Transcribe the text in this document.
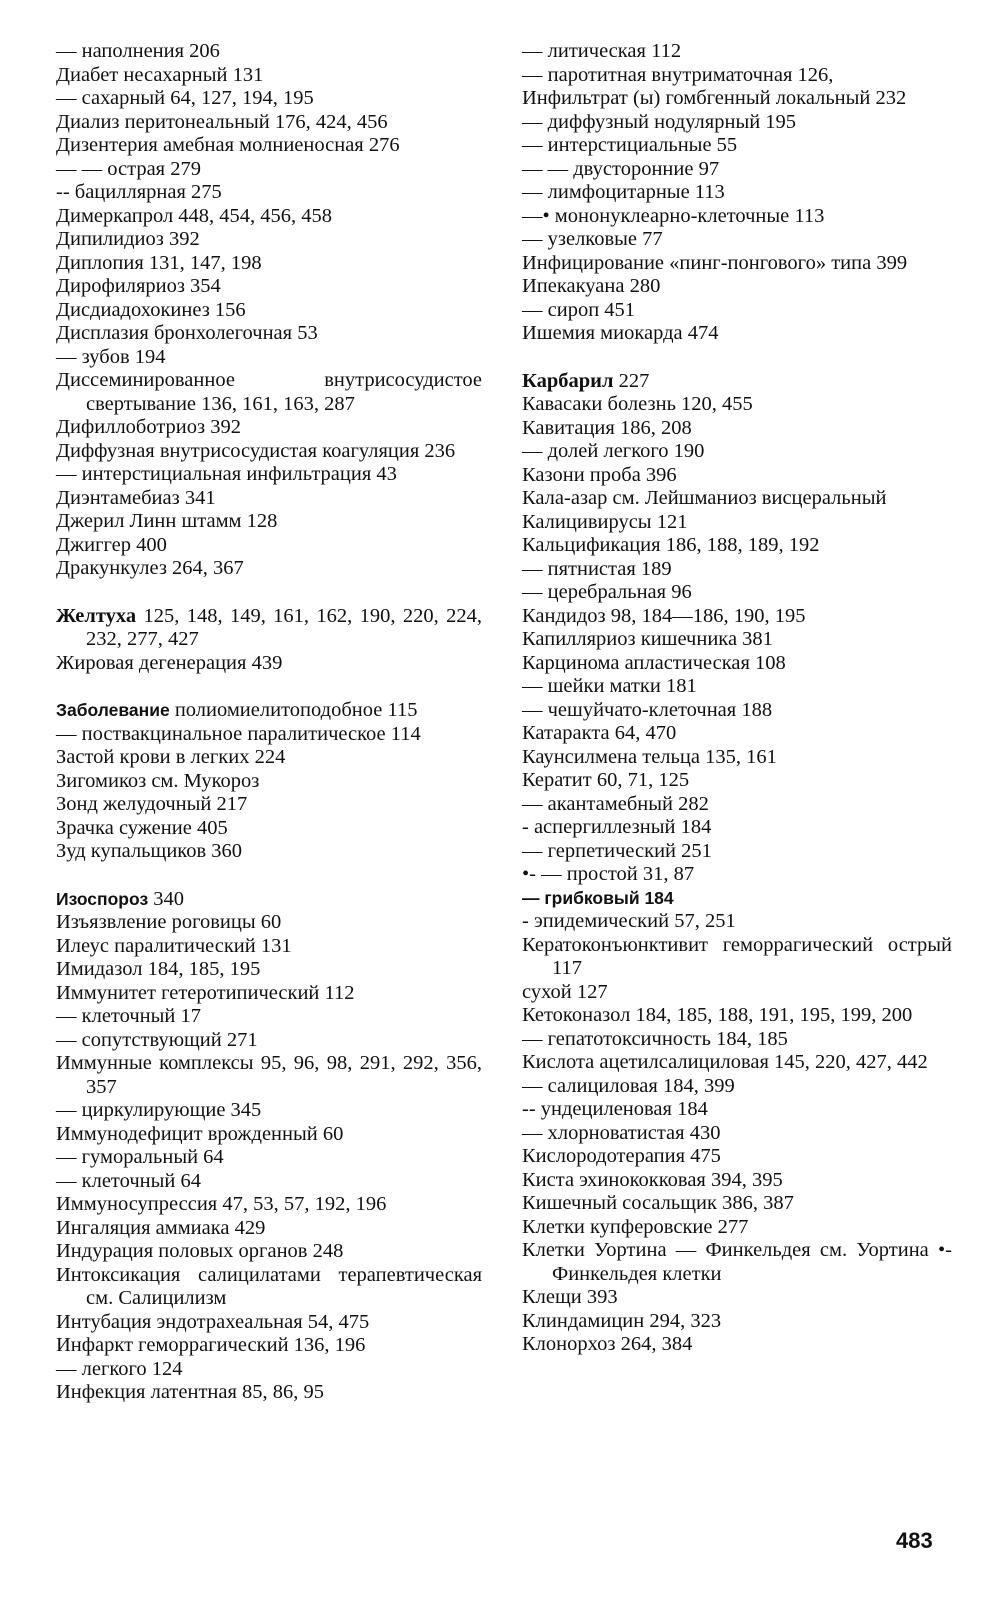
— наполнения 206
Диабет несахарный 131
— сахарный 64, 127, 194, 195
Диализ перитонеальный 176, 424, 456
Дизентерия амебная молниеносная 276
— — острая 279
-- бациллярная 275
Димеркапрол 448, 454, 456, 458
Дипилидиоз 392
Диплопия 131, 147, 198
Дирофиляриоз 354
Дисдиадохокинез 156
Дисплазия бронхолегочная 53
— зубов 194
Диссеминированное внутрисосудистое свертывание 136, 161, 163, 287
Дифиллоботриоз 392
Диффузная внутрисосудистая коагуляция 236
— интерстициальная инфильтрация 43
Диэнтамебиаз 341
Джерил Линн штамм 128
Джиггер 400
Дракункулез 264, 367
Желтуха 125, 148, 149, 161, 162, 190, 220, 224, 232, 277, 427
Жировая дегенерация 439
Заболевание полиомиелитоподобное 115
— поствакцинальное паралитическое 114
Застой крови в легких 224
Зигомикоз см. Мукороз
Зонд желудочный 217
Зрачка сужение 405
Зуд купальщиков 360
Изоспороз 340
Изъязвление роговицы 60
Илеус паралитический 131
Имидазол 184, 185, 195
Иммунитет гетеротипический 112
— клеточный 17
— сопутствующий 271
Иммунные комплексы 95, 96, 98, 291, 292, 356, 357
— циркулирующие 345
Иммунодефицит врожденный 60
— гуморальный 64
— клеточный 64
Иммуносупрессия 47, 53, 57, 192, 196
Ингаляция аммиака 429
Индурация половых органов 248
Интоксикация салицилатами терапевтическая см. Салицилизм
Интубация эндотрахеальная 54, 475
Инфаркт геморрагический 136, 196
— легкого 124
Инфекция латентная 85, 86, 95
— литическая 112
— паротитная внутриматочная 126,
Инфильтрат (ы) гомбгенный локальный 232
— диффузный нодулярный 195
— интерстициальные 55
— — двусторонние 97
— лимфоцитарные 113
—• мононуклеарно-клеточные 113
— узелковые 77
Инфицирование «пинг-понгового» типа 399
Ипекакуана 280
— сироп 451
Ишемия миокарда 474
Карбарил 227
Кавасаки болезнь 120, 455
Кавитация 186, 208
— долей легкого 190
Казони проба 396
Кала-азар см. Лейшманиоз висцеральный
Калицивирусы 121
Кальцификация 186, 188, 189, 192
— пятнистая 189
— церебральная 96
Кандидоз 98, 184—186, 190, 195
Капилляриоз кишечника 381
Карцинома апластическая 108
— шейки матки 181
— чешуйчато-клеточная 188
Катаракта 64, 470
Каунсилмена тельца 135, 161
Кератит 60, 71, 125
— акантамебный 282
- аспергиллезный 184
— герпетический 251
•- — простой 31, 87
— грибковый 184
- эпидемический 57, 251
Кератоконъюнктивит геморрагический острый 117
сухой 127
Кетоконазол 184, 185, 188, 191, 195, 199, 200
— гепатотоксичность 184, 185
Кислота ацетилсалициловая 145, 220, 427, 442
— салициловая 184, 399
-- ундециленовая 184
— хлорноватистая 430
Кислородотерапия 475
Киста эхинококковая 394, 395
Кишечный сосальщик 386, 387
Клетки купферовские 277
Клетки Уортина — Финкельдея см. Уортина •- Финкельдея клетки
Клещи 393
Клиндамицин 294, 323
Клонорхоз 264, 384
483
